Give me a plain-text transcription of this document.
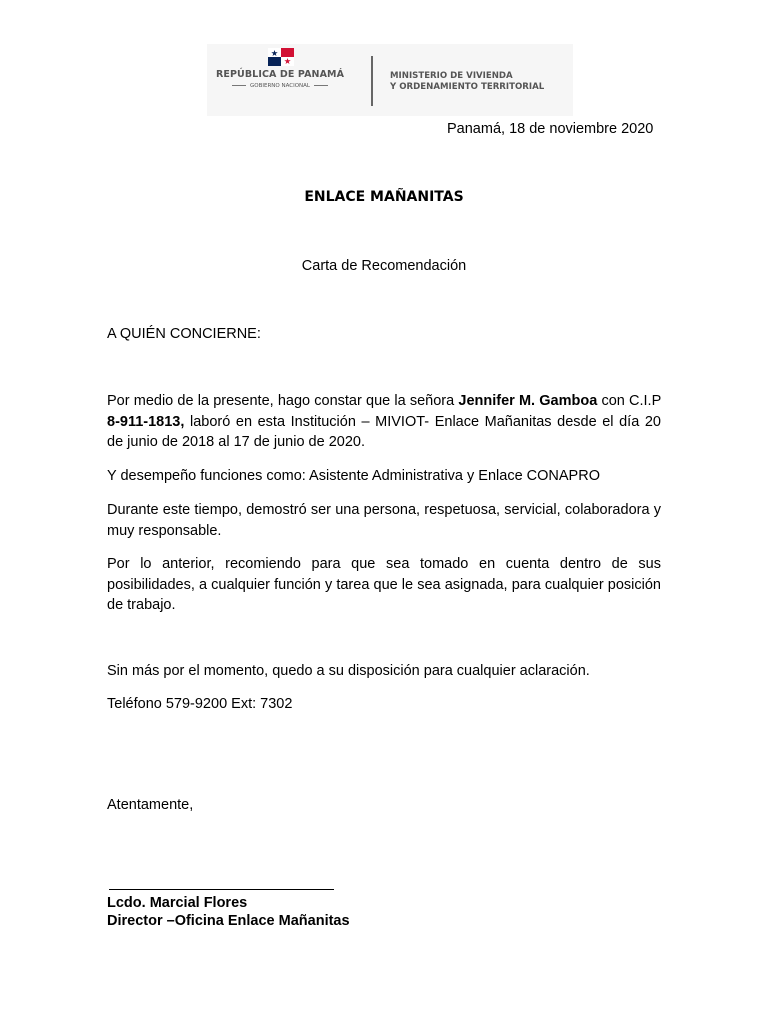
REPÚBLICA DE PANAMÁ
GOBIERNO NACIONAL
MINISTERIO DE VIVIENDA
Y ORDENAMIENTO TERRITORIAL
Panamá, 18 de noviembre 2020
ENLACE MAÑANITAS
Carta de Recomendación
A QUIÉN CONCIERNE:
Por medio de la presente, hago constar que la señora Jennifer M. Gamboa con C.I.P 8-911-1813, laboró en esta Institución – MIVIOT- Enlace Mañanitas desde el día 20 de junio de 2018 al 17 de junio de 2020.
Y desempeño funciones como: Asistente Administrativa y Enlace CONAPRO
Durante este tiempo, demostró ser una persona, respetuosa, servicial, colaboradora y muy responsable.
Por lo anterior, recomiendo para que sea tomado en cuenta dentro de sus posibilidades, a cualquier función y tarea que le sea asignada, para cualquier posición de trabajo.
Sin más por el momento, quedo a su disposición para cualquier aclaración.
Teléfono 579-9200 Ext: 7302
Atentamente,
Lcdo. Marcial Flores
Director –Oficina Enlace Mañanitas
